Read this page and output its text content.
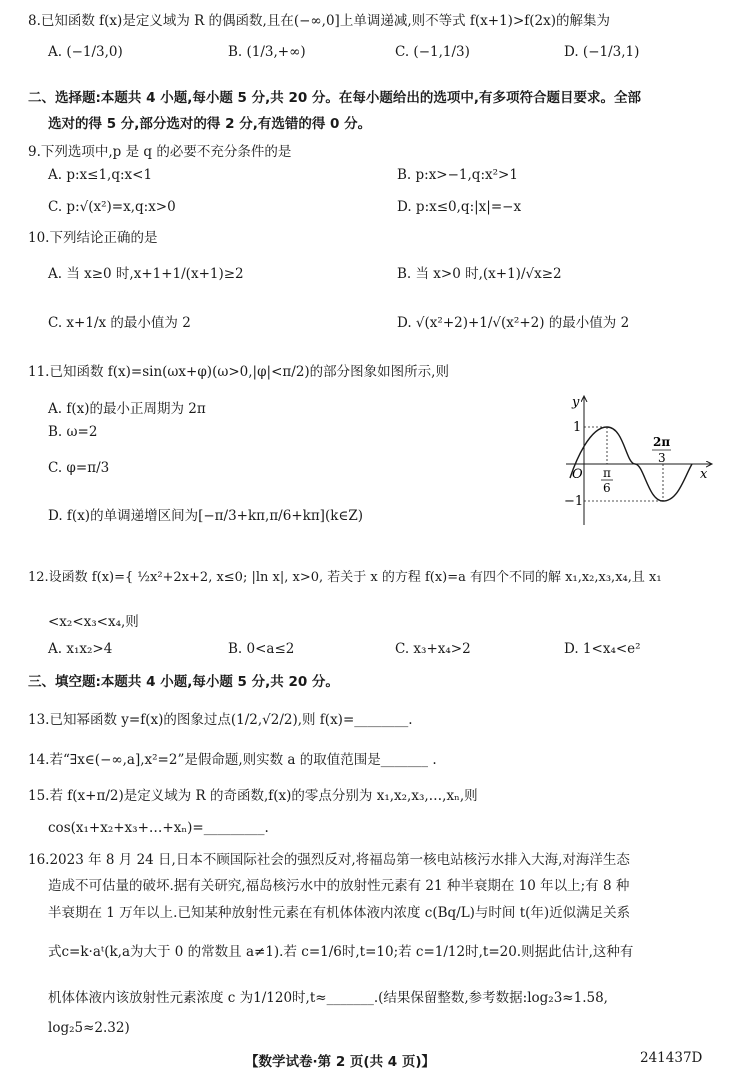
8.已知函数 f(x)是定义域为 R 的偶函数,且在(−∞,0]上单调递减,则不等式 f(x+1)>f(2x)的解集为
A. (−1/3,0)	B. (1/3,+∞)	C. (−1,1/3)	D. (−1/3,1)
二、选择题:本题共 4 小题,每小题 5 分,共 20 分。在每小题给出的选项中,有多项符合题目要求。全部
选对的得 5 分,部分选对的得 2 分,有选错的得 0 分。
9.下列选项中,p 是 q 的必要不充分条件的是
A. p:x≤1,q:x<1	B. p:x>−1,q:x²>1
C. p:√(x²)=x,q:x>0	D. p:x≤0,q:|x|=−x
10.下列结论正确的是
A. 当 x≥0 时,x+1+1/(x+1)≥2	B. 当 x>0 时,(x+1)/√x≥2
C. x+1/x 的最小值为 2	D. √(x²+2)+1/√(x²+2) 的最小值为 2
11.已知函数 f(x)=sin(ωx+φ)(ω>0,|φ|<π/2)的部分图象如图所示,则
A. f(x)的最小正周期为 2π
B. ω=2
C. φ=π/3
D. f(x)的单调递增区间为[−π/3+kπ,π/6+kπ](k∈Z)
y
x
O
1
−1
π
6
2π
3
12.设函数 f(x)={ ½x²+2x+2, x≤0; |ln x|, x>0, 若关于 x 的方程 f(x)=a 有四个不同的解 x₁,x₂,x₃,x₄,且 x₁
<x₂<x₃<x₄,则
A. x₁x₂>4	B. 0<a≤2	C. x₃+x₄>2	D. 1<x₄<e²
三、填空题:本题共 4 小题,每小题 5 分,共 20 分。
13.已知幂函数 y=f(x)的图象过点(1/2,√2/2),则 f(x)=________.
14.若“∃x∈(−∞,a],x²=2”是假命题,则实数 a 的取值范围是_______ .
15.若 f(x+π/2)是定义域为 R 的奇函数,f(x)的零点分别为 x₁,x₂,x₃,…,xₙ,则
cos(x₁+x₂+x₃+…+xₙ)=_________.
16.2023 年 8 月 24 日,日本不顾国际社会的强烈反对,将福岛第一核电站核污水排入大海,对海洋生态
造成不可估量的破坏.据有关研究,福岛核污水中的放射性元素有 21 种半衰期在 10 年以上;有 8 种
半衰期在 1 万年以上.已知某种放射性元素在有机体体液内浓度 c(Bq/L)与时间 t(年)近似满足关系
式c=k·aᵗ(k,a为大于 0 的常数且 a≠1).若 c=1/6时,t=10;若 c=1/12时,t=20.则据此估计,这种有
机体体液内该放射性元素浓度 c 为1/120时,t≈_______.(结果保留整数,参考数据:log₂3≈1.58,
log₂5≈2.32)
【数学试卷·第 2 页(共 4 页)】	241437D
